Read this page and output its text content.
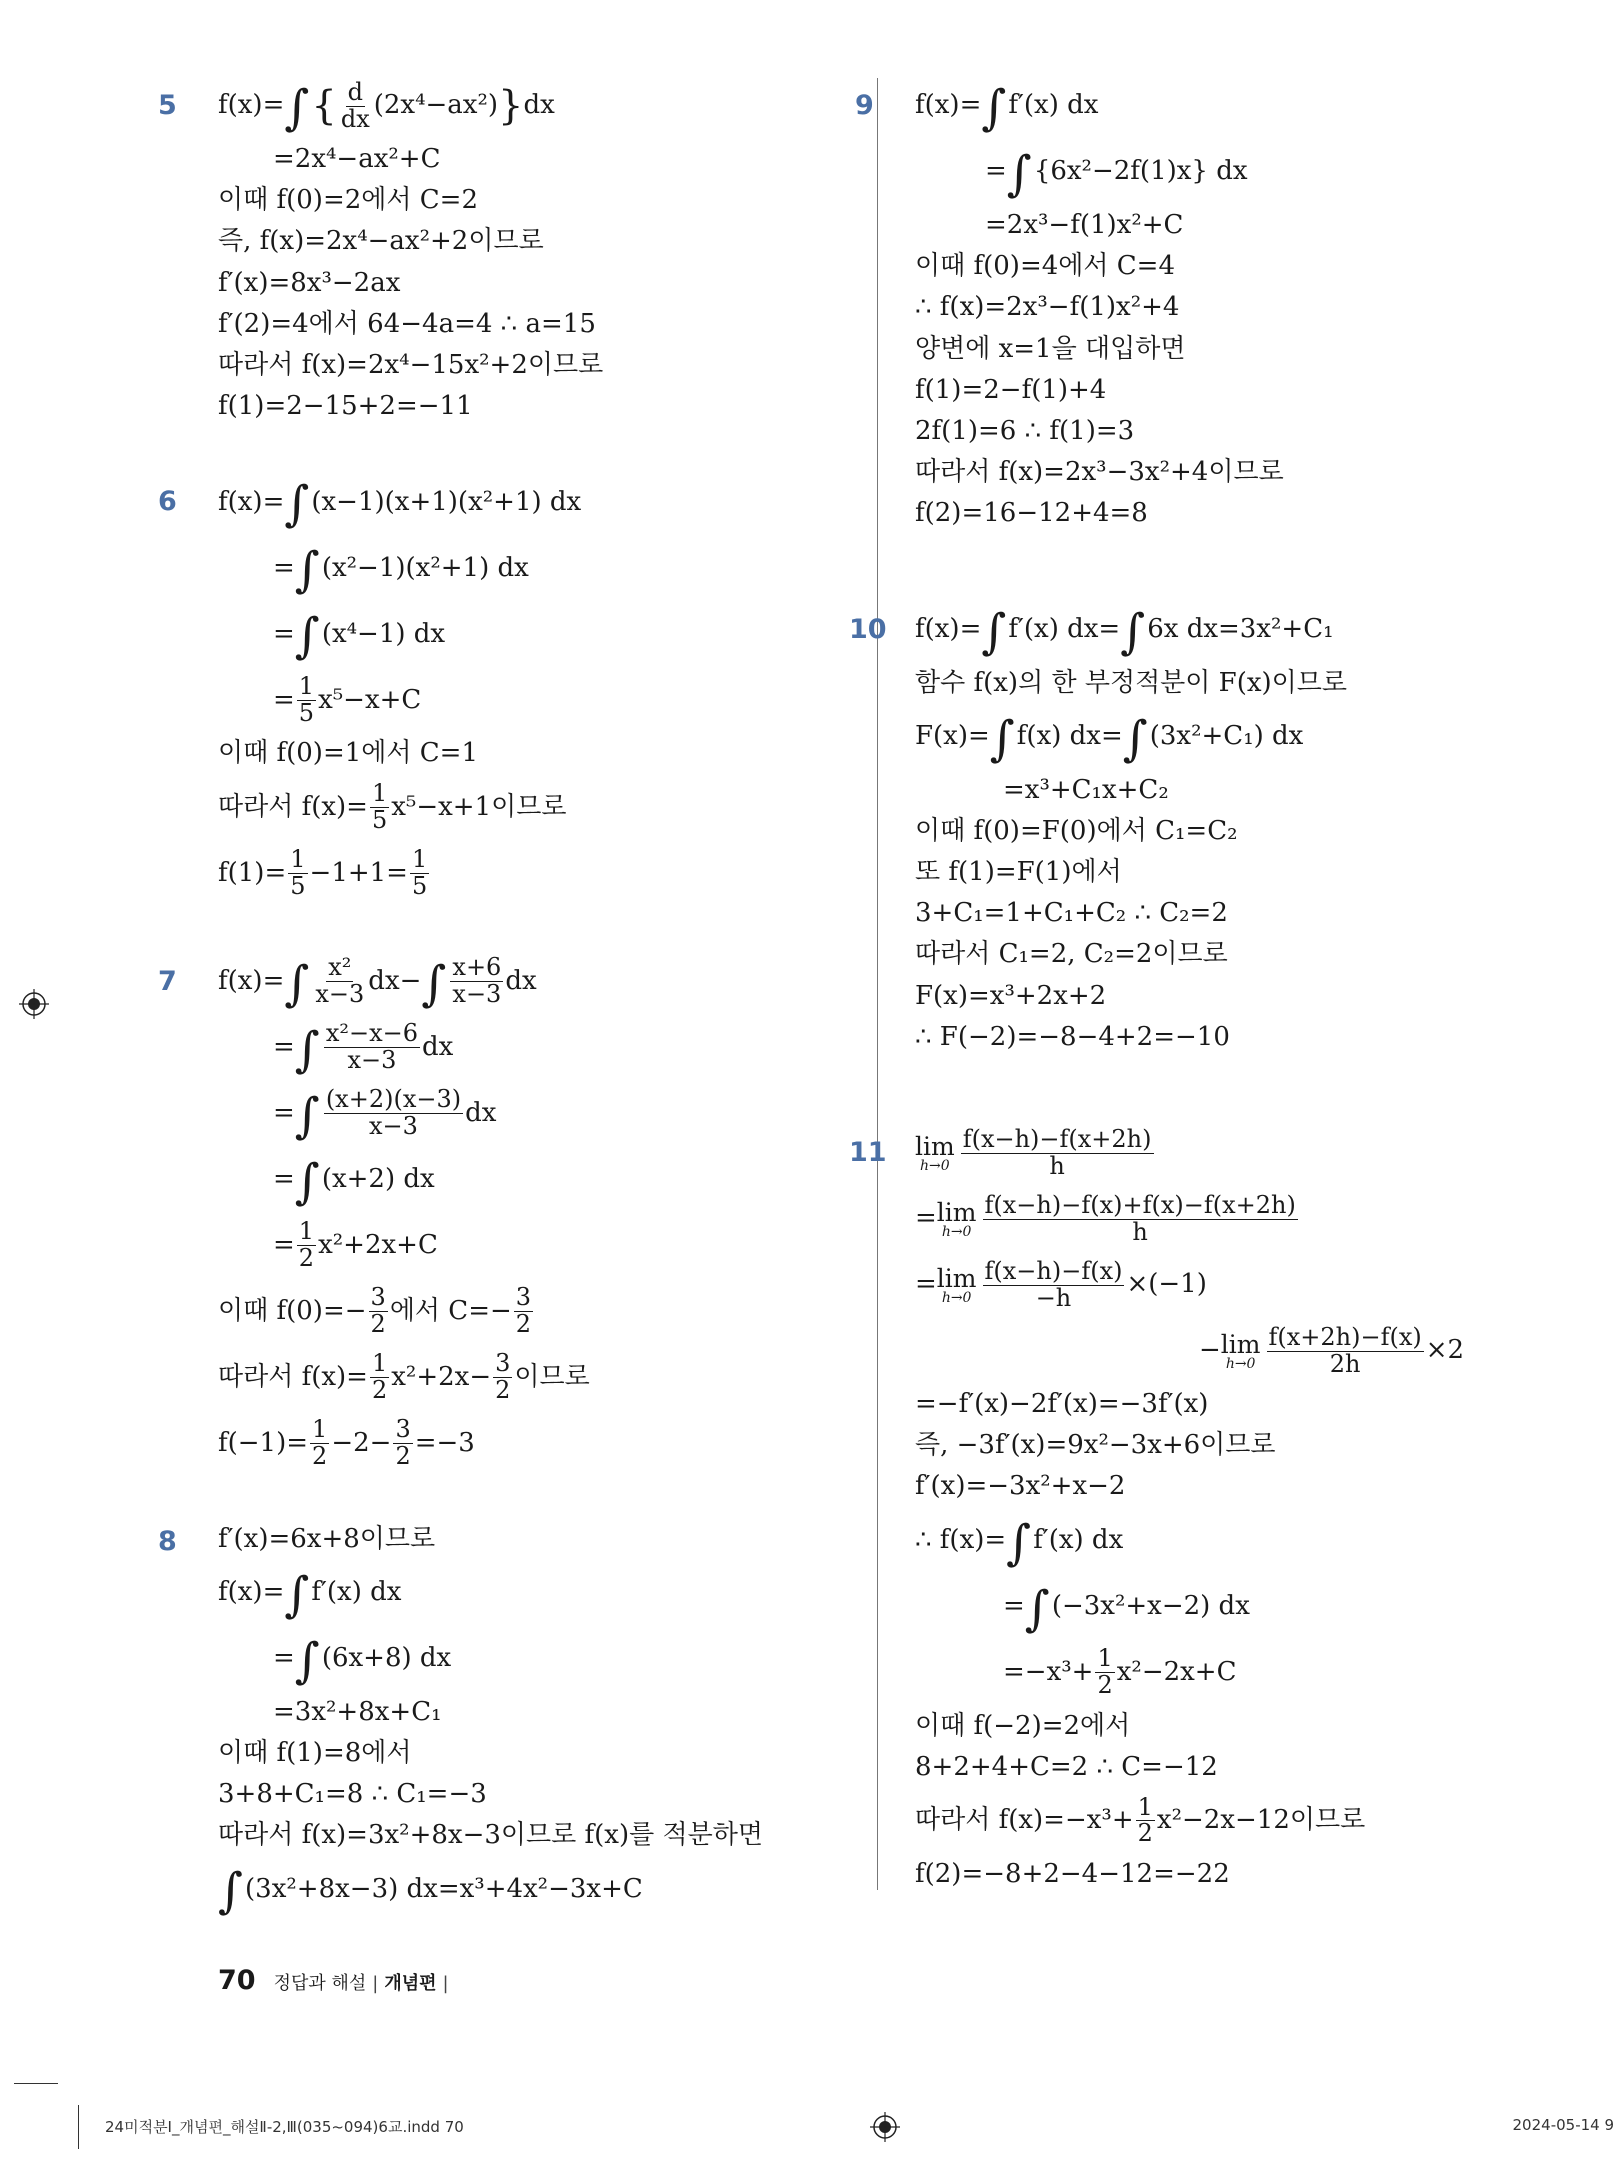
5 f(x)= ∫ { $\frac{d}{dx} (2x^4-ax^2)$ } dx
=2x⁴−ax²+C
이때 f(0)=2에서 C=2
즉, f(x)=2x⁴−ax²+2이므로
f′(x)=8x³−2ax
f′(2)=4에서 64−4a=4 ∴ a=15
따라서 f(x)=2x⁴−15x²+2이므로
f(1)=2−15+2=−11
6 f(x)= ∫ (x−1)(x+1)(x²+1) dx
= ∫ (x²−1)(x²+1) dx
= ∫ (x⁴−1) dx
= $\frac{1}{5} x^5-x+C$
이때 f(0)=1에서 C=1
따라서 $f(x)= \frac{1}{5} x^5-x+1$이므로
$f(1)= \frac{1}{5} -1+1= \frac{1}{5}$
7 f(x)= ∫ $\frac{\text{x²}}{x-3} dx-$ ∫ $\frac{x+6}{x-3}$ dx
= ∫ $\frac{\text{x²−x−6}}{x-3}$ dx
= ∫ $\frac{(x+2)(x-3)}{x-3}$ dx
= ∫ (x+2) dx
= $\frac{1}{2} x^2+2x+C$
이때 $f(0)=- \frac{3}{2}$ 에서 $C=- \frac{3}{2}$
따라서 $f(x)= \frac{1}{2} x^2+2x- \frac{3}{2}$ 이므로
$f(-1)= \frac{1}{2} -2- \frac{3}{2} =-3$
8 f′(x)=6x+8이므로
f(x)= ∫ f′(x) dx
= ∫ (6x+8) dx
=3x²+8x+C₁
이때 f(1)=8에서
3+8+C₁=8 ∴ C₁=−3
따라서 f(x)=3x²+8x−3이므로 f(x)를 적분하면
∫ (3x²+8x−3) dx=x³+4x²−3x+C
9 f(x)= ∫ f′(x) dx
= ∫ {6x²−2f(1)x} dx
=2x³−f(1)x²+C
이때 f(0)=4에서 C=4
∴ f(x)=2x³−f(1)x²+4
양변에 x=1을 대입하면
f(1)=2−f(1)+4
2f(1)=6 ∴ f(1)=3
따라서 f(x)=2x³−3x²+4이므로
f(2)=16−12+4=8
10 f(x)= ∫ f′(x) dx= ∫ 6x dx=3x²+C₁
함수 f(x)의 한 부정적분이 F(x)이므로
F(x)= ∫ f(x) dx= ∫ (3x²+C₁) dx
=x³+C₁x+C₂
이때 f(0)=F(0)에서 C₁=C₂
또 f(1)=F(1)에서
3+C₁=1+C₁+C₂ ∴ C₂=2
따라서 C₁=2, C₂=2이므로
F(x)=x³+2x+2
∴ F(−2)=−8−4+2=−10
11 lim
$h\to 0 \frac{f(x-h)-f(x+2h)}{h}$
= lim
$h\to 0 \frac{f(x-h)-f(x)+f(x)-f(x+2h)}{h}$
= lim
$h\to 0 \frac{f(x-h)-f(x)}{-h} \times(-1)$
− lim
$h\to 0 \frac{f(x+2h)-f(x)}{2h} \times 2$
=−f′(x)−2f′(x)=−3f′(x)
즉, −3f′(x)=9x²−3x+6이므로
f′(x)=−3x²+x−2
∴ f(x)= ∫ f′(x) dx
= ∫ (−3x²+x−2) dx
$=-x^3+ \frac{1}{2} x^2-2x+C$
이때 f(−2)=2에서
8+2+4+C=2 ∴ C=−12
따라서 $f(x)=-x^3+ \frac{1}{2} x^2-2x-12$이므로
f(2)=−8+2−4−12=−22
70 정답과 해설 | 개념편 |
24미적분Ⅰ_개념편_해설Ⅱ-2,Ⅲ(035~094)6교.indd 70	2024-05-14 9
